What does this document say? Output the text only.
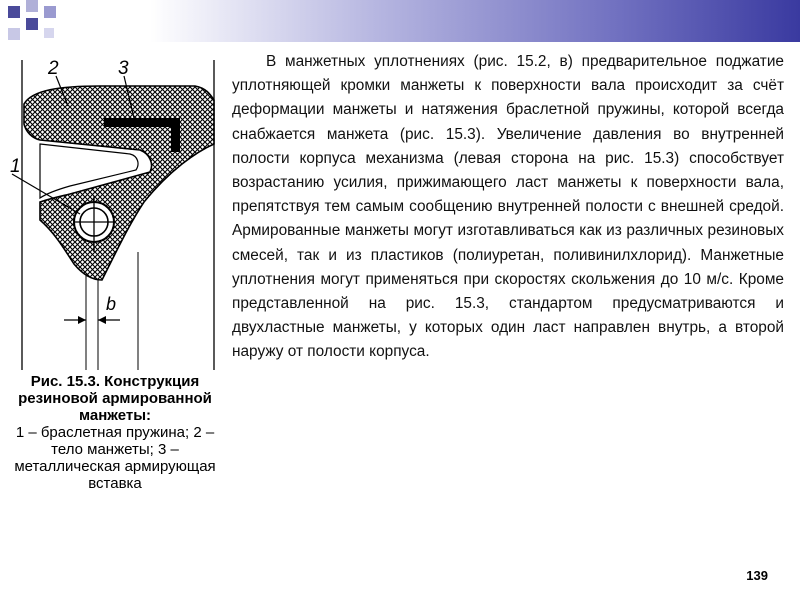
1
2	3
b
Рис. 15.3. Конструкция резиновой армированной манжеты:
1 – браслетная пружина; 2 – тело манжеты; 3 – металлическая армирующая вставка

В манжетных уплотнениях (рис. 15.2, в) предварительное поджатие уплотняющей кромки манжеты к поверхности вала происходит за счёт деформации манжеты и натяжения браслетной пружины, которой всегда снабжается манжета (рис. 15.3). Увеличение давления во внутренней полости корпуса механизма (левая сторона на рис. 15.3) способствует возрастанию усилия, прижимающего ласт манжеты к поверхности вала, препятствуя тем самым сообщению внутренней полости с внешней средой. Армированные манжеты могут изготавливаться как из различных резиновых смесей, так и из пластиков (полиуретан, поливинилхлорид). Манжетные уплотнения могут применяться при скоростях скольжения до 10 м/с. Кроме представленной на рис. 15.3, стандартом предусматриваются и двухластные манжеты, у которых один ласт направлен внутрь, а второй наружу от полости корпуса.

139
